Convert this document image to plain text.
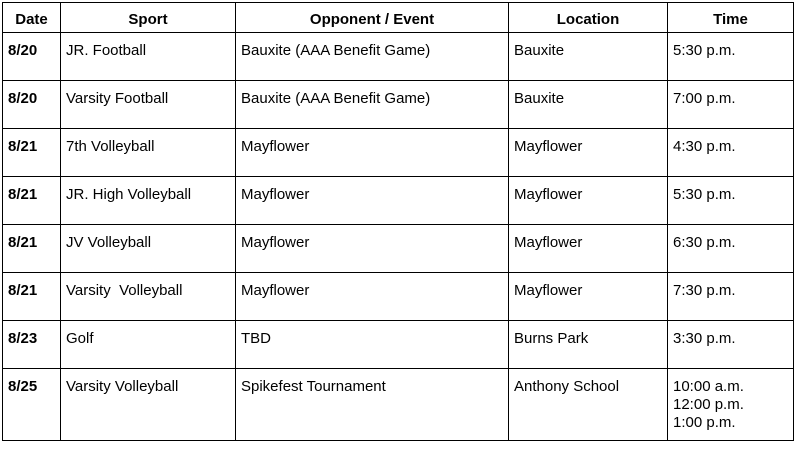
Date	Sport	Opponent / Event	Location	Time
8/20	JR. Football	Bauxite (AAA Benefit Game)	Bauxite	5:30 p.m.

8/20	Varsity Football	Bauxite (AAA Benefit Game)	Bauxite	7:00 p.m.

8/21	7th Volleyball	Mayflower	Mayflower	4:30 p.m.

8/21	JR. High Volleyball	Mayflower	Mayflower	5:30 p.m.

8/21	JV Volleyball	Mayflower	Mayflower	6:30 p.m.

8/21	Varsity  Volleyball	Mayflower	Mayflower	7:30 p.m.

8/23	Golf	TBD	Burns Park	3:30 p.m.

8/25	Varsity Volleyball	Spikefest Tournament	Anthony School	10:00 a.m.
12:00 p.m.
1:00 p.m.
